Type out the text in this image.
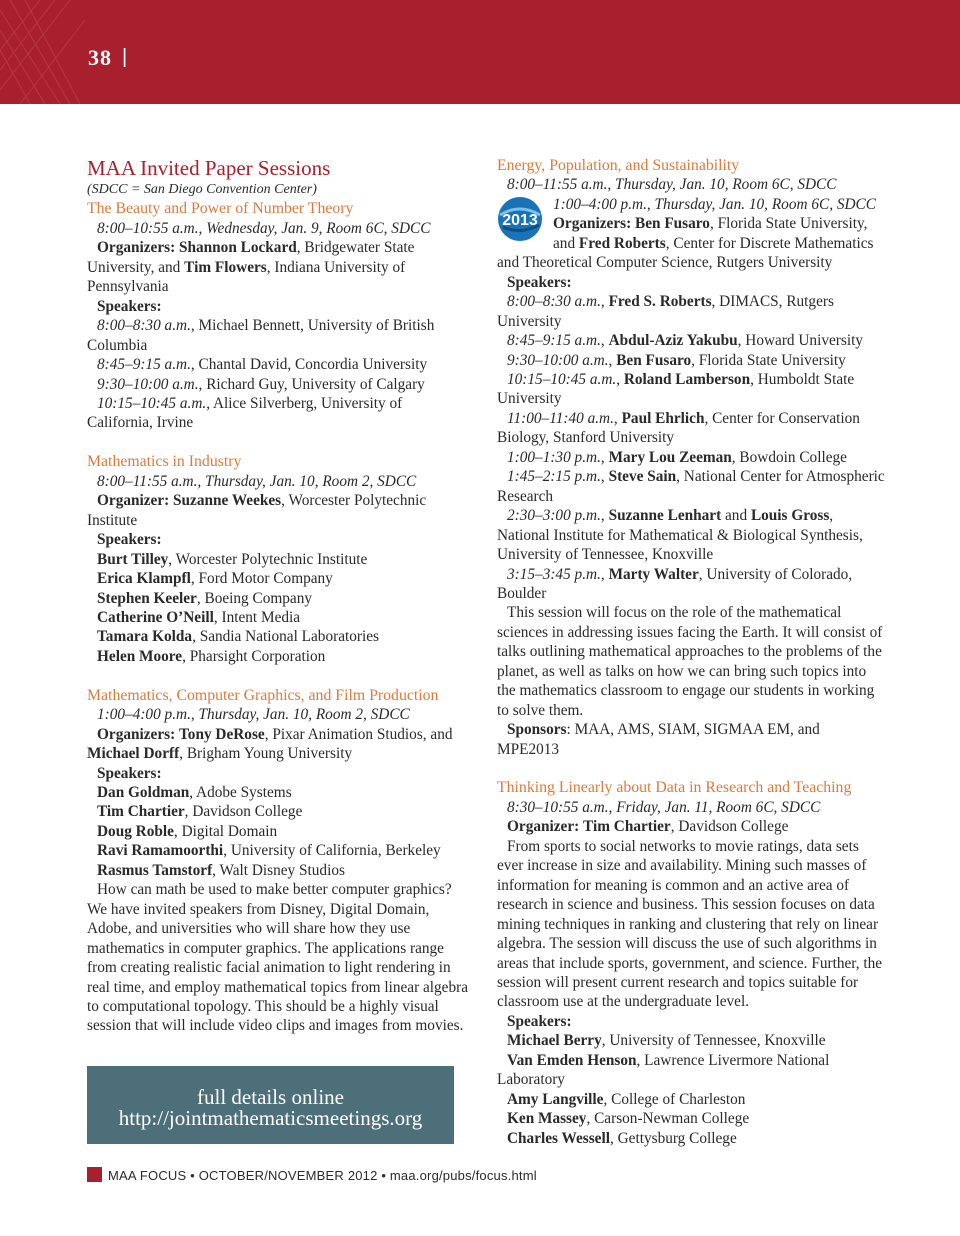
38 |

MAA Invited Paper Sessions

(SDCC = San Diego Convention Center)

The Beauty and Power of Number Theory

8:00–10:55 a.m., Wednesday, Jan. 9, Room 6C, SDCC

Organizers: Shannon Lockard, Bridgewater State University, and Tim Flowers, Indiana University of Pennsylvania

Speakers:

8:00–8:30 a.m., Michael Bennett, University of British Columbia

8:45–9:15 a.m., Chantal David, Concordia University

9:30–10:00 a.m., Richard Guy, University of Calgary

10:15–10:45 a.m., Alice Silverberg, University of California, Irvine

Mathematics in Industry

8:00–11:55 a.m., Thursday, Jan. 10, Room 2, SDCC

Organizer: Suzanne Weekes, Worcester Polytechnic Institute

Speakers:

Burt Tilley, Worcester Polytechnic Institute

Erica Klampfl, Ford Motor Company

Stephen Keeler, Boeing Company

Catherine O’Neill, Intent Media

Tamara Kolda, Sandia National Laboratories

Helen Moore, Pharsight Corporation

Mathematics, Computer Graphics, and Film Production

1:00–4:00 p.m., Thursday, Jan. 10, Room 2, SDCC

Organizers: Tony DeRose, Pixar Animation Studios, and Michael Dorff, Brigham Young University

Speakers:

Dan Goldman, Adobe Systems

Tim Chartier, Davidson College

Doug Roble, Digital Domain

Ravi Ramamoorthi, University of California, Berkeley

Rasmus Tamstorf, Walt Disney Studios

How can math be used to make better computer graphics? We have invited speakers from Disney, Digital Domain, Adobe, and universities who will share how they use mathematics in computer graphics. The applications range from creating realistic facial animation to light rendering in real time, and employ mathematical topics from linear algebra to computational topology. This should be a highly visual session that will include video clips and images from movies.

full details online
http://jointmathematicsmeetings.org
MAA FOCUS • OCTOBER/NOVEMBER 2012 • maa.org/pubs/focus.html

Energy, Population, and Sustainability

8:00–11:55 a.m., Thursday, Jan. 10, Room 6C, SDCC

2013

1:00–4:00 p.m., Thursday, Jan. 10, Room 6C, SDCC

Organizers: Ben Fusaro, Florida State University, and Fred Roberts, Center for Discrete Mathematics and Theoretical Computer Science, Rutgers University

Speakers:

8:00–8:30 a.m., Fred S. Roberts, DIMACS, Rutgers University

8:45–9:15 a.m., Abdul-Aziz Yakubu, Howard University

9:30–10:00 a.m., Ben Fusaro, Florida State University

10:15–10:45 a.m., Roland Lamberson, Humboldt State University

11:00–11:40 a.m., Paul Ehrlich, Center for Conservation Biology, Stanford University

1:00–1:30 p.m., Mary Lou Zeeman, Bowdoin College

1:45–2:15 p.m., Steve Sain, National Center for Atmospheric Research

2:30–3:00 p.m., Suzanne Lenhart and Louis Gross, National Institute for Mathematical & Biological Synthesis, University of Tennessee, Knoxville

3:15–3:45 p.m., Marty Walter, University of Colorado, Boulder

This session will focus on the role of the mathematical sciences in addressing issues facing the Earth. It will consist of talks outlining mathematical approaches to the problems of the planet, as well as talks on how we can bring such topics into the mathematics classroom to engage our students in working to solve them.

Sponsors: MAA, AMS, SIAM, SIGMAA EM, and MPE2013

Thinking Linearly about Data in Research and Teaching

8:30–10:55 a.m., Friday, Jan. 11, Room 6C, SDCC

Organizer: Tim Chartier, Davidson College

From sports to social networks to movie ratings, data sets ever increase in size and availability. Mining such masses of information for meaning is common and an active area of research in science and business. This session focuses on data mining techniques in ranking and clustering that rely on linear algebra. The session will discuss the use of such algorithms in areas that include sports, government, and science. Further, the session will present current research and topics suitable for classroom use at the undergraduate level.

Speakers:

Michael Berry, University of Tennessee, Knoxville

Van Emden Henson, Lawrence Livermore National Laboratory

Amy Langville, College of Charleston

Ken Massey, Carson-Newman College

Charles Wessell, Gettysburg College
